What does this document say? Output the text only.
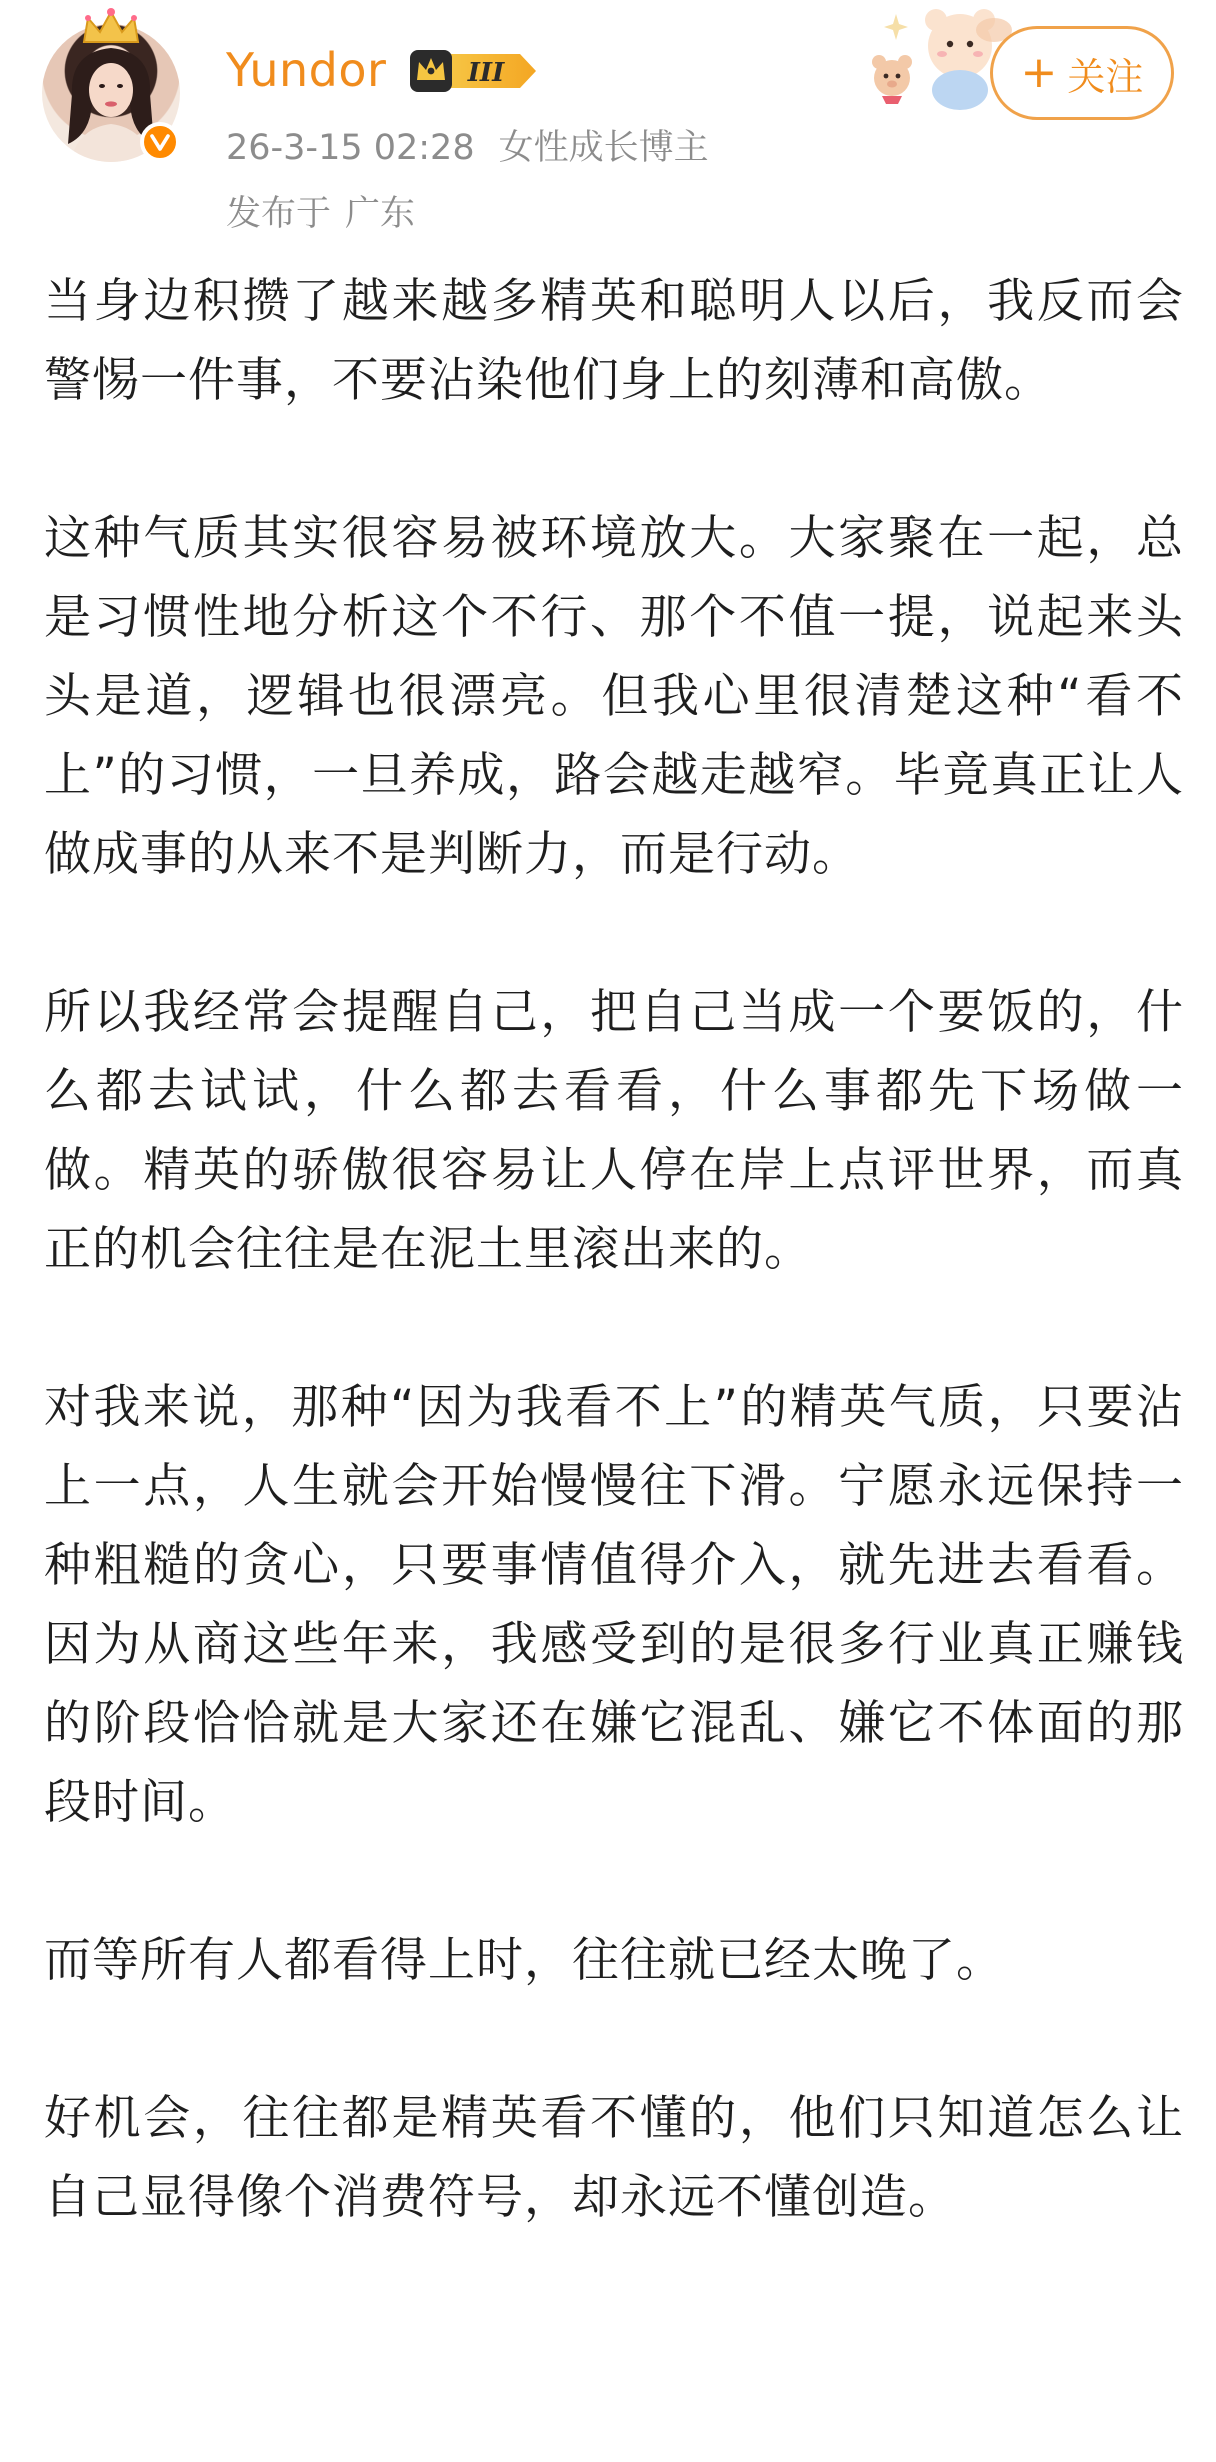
Yundor	III
26-3-15 02:28 女性成长博主
发布于 广东
+ 关注

当身边积攒了越来越多精英和聪明人以后，我反而会警惕一件事，不要沾染他们身上的刻薄和高傲。

这种气质其实很容易被环境放大。大家聚在一起，总是习惯性地分析这个不行、那个不值一提，说起来头头是道，逻辑也很漂亮。但我心里很清楚这种“看不上”的习惯，一旦养成，路会越走越窄。毕竟真正让人做成事的从来不是判断力，而是行动。

所以我经常会提醒自己，把自己当成一个要饭的，什么都去试试，什么都去看看，什么事都先下场做一做。精英的骄傲很容易让人停在岸上点评世界，而真正的机会往往是在泥土里滚出来的。

对我来说，那种“因为我看不上”的精英气质，只要沾上一点，人生就会开始慢慢往下滑。宁愿永远保持一种粗糙的贪心，只要事情值得介入，就先进去看看。因为从商这些年来，我感受到的是很多行业真正赚钱的阶段恰恰就是大家还在嫌它混乱、嫌它不体面的那段时间。

而等所有人都看得上时，往往就已经太晚了。

好机会，往往都是精英看不懂的，他们只知道怎么让自己显得像个消费符号，却永远不懂创造。
